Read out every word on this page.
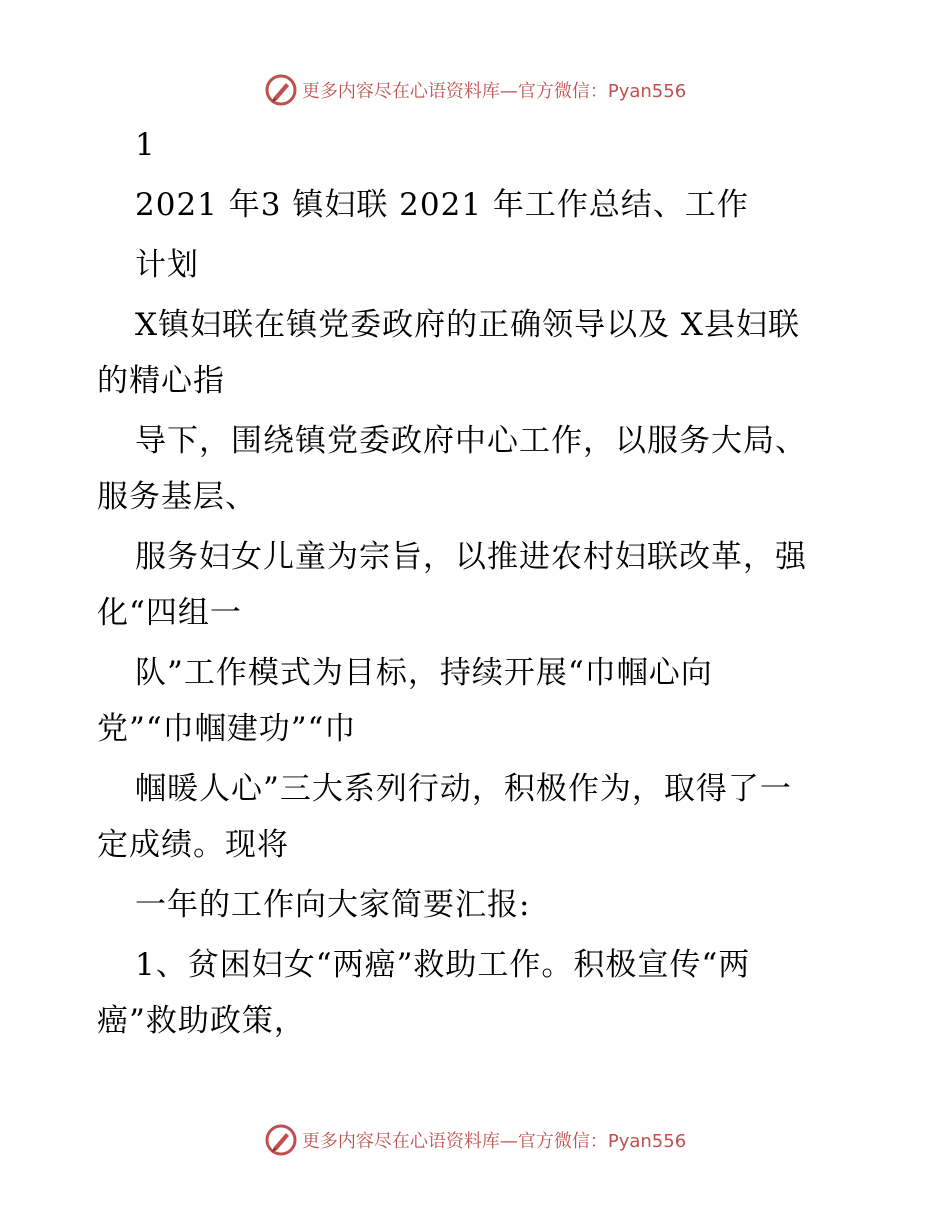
更多内容尽在心语资料库—官方微信：Pyan556
1
2021 年3 镇妇联 2021 年工作总结、工作
计划
X镇妇联在镇党委政府的正确领导以及 X县妇联
的精心指
导下，围绕镇党委政府中心工作，以服务大局、
服务基层、
服务妇女儿童为宗旨，以推进农村妇联改革，强
化“四组一
队”工作模式为目标，持续开展“巾帼心向
党”“巾帼建功”“巾
帼暖人心”三大系列行动，积极作为，取得了一
定成绩。现将
一年的工作向大家简要汇报:
1、贫困妇女“两癌”救助工作。积极宣传“两
癌”救助政策，
更多内容尽在心语资料库—官方微信：Pyan556
